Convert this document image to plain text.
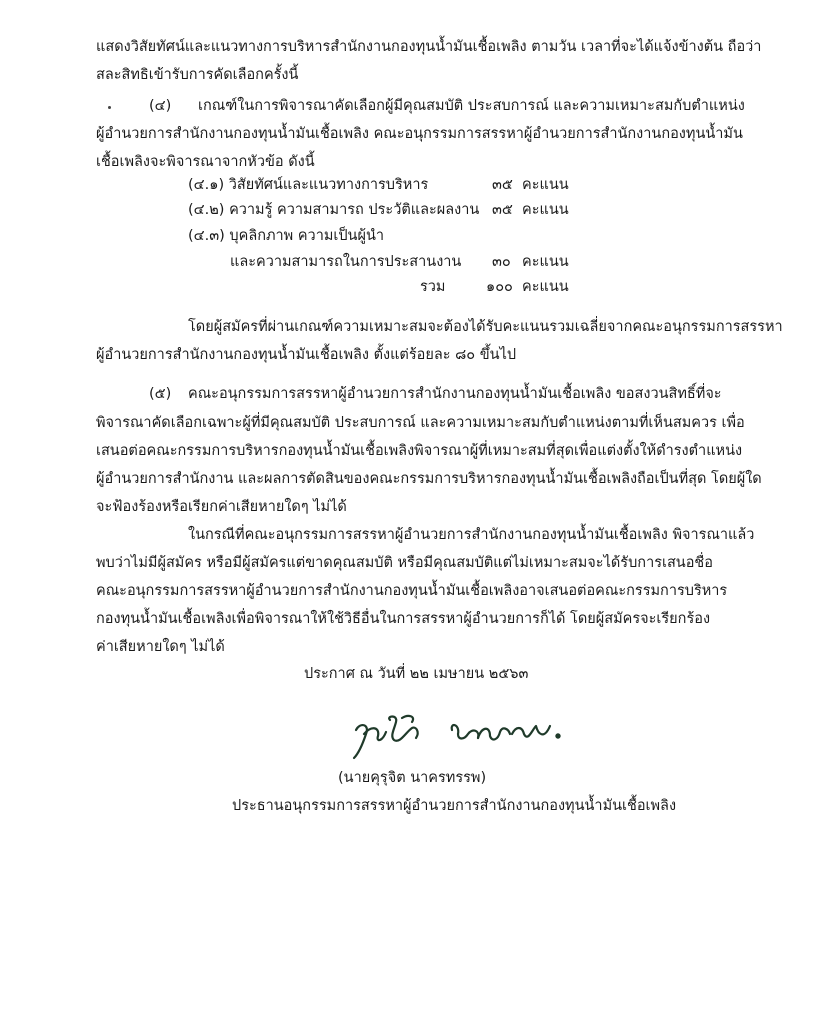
แสดงวิสัยทัศน์และแนวทางการบริหารสำนักงานกองทุนน้ำมันเชื้อเพลิง ตามวัน เวลาที่จะได้แจ้งข้างต้น ถือว่า
สละสิทธิเข้ารับการคัดเลือกครั้งนี้
(๔) เกณฑ์ในการพิจารณาคัดเลือกผู้มีคุณสมบัติ ประสบการณ์ และความเหมาะสมกับตำแหน่ง
ผู้อำนวยการสำนักงานกองทุนน้ำมันเชื้อเพลิง คณะอนุกรรมการสรรหาผู้อำนวยการสำนักงานกองทุนน้ำมัน
เชื้อเพลิงจะพิจารณาจากหัวข้อ ดังนี้
(๔.๑) วิสัยทัศน์และแนวทางการบริหาร	๓๕ คะแนน
(๔.๒) ความรู้ ความสามารถ ประวัติและผลงาน ๓๕ คะแนน
(๔.๓) บุคลิกภาพ ความเป็นผู้นำ
และความสามารถในการประสานงาน ๓๐ คะแนน
รวม	๑๐๐ คะแนน
โดยผู้สมัครที่ผ่านเกณฑ์ความเหมาะสมจะต้องได้รับคะแนนรวมเฉลี่ยจากคณะอนุกรรมการสรรหา
ผู้อำนวยการสำนักงานกองทุนน้ำมันเชื้อเพลิง ตั้งแต่ร้อยละ ๘๐ ขึ้นไป
(๕) คณะอนุกรรมการสรรหาผู้อำนวยการสำนักงานกองทุนน้ำมันเชื้อเพลิง ขอสงวนสิทธิ์ที่จะ
พิจารณาคัดเลือกเฉพาะผู้ที่มีคุณสมบัติ ประสบการณ์ และความเหมาะสมกับตำแหน่งตามที่เห็นสมควร เพื่อ
เสนอต่อคณะกรรมการบริหารกองทุนน้ำมันเชื้อเพลิงพิจารณาผู้ที่เหมาะสมที่สุดเพื่อแต่งตั้งให้ดำรงตำแหน่ง
ผู้อำนวยการสำนักงาน และผลการตัดสินของคณะกรรมการบริหารกองทุนน้ำมันเชื้อเพลิงถือเป็นที่สุด โดยผู้ใด
จะฟ้องร้องหรือเรียกค่าเสียหายใดๆ ไม่ได้
ในกรณีที่คณะอนุกรรมการสรรหาผู้อำนวยการสำนักงานกองทุนน้ำมันเชื้อเพลิง พิจารณาแล้ว
พบว่าไม่มีผู้สมัคร หรือมีผู้สมัครแต่ขาดคุณสมบัติ หรือมีคุณสมบัติแต่ไม่เหมาะสมจะได้รับการเสนอชื่อ
คณะอนุกรรมการสรรหาผู้อำนวยการสำนักงานกองทุนน้ำมันเชื้อเพลิงอาจเสนอต่อคณะกรรมการบริหาร
กองทุนน้ำมันเชื้อเพลิงเพื่อพิจารณาให้ใช้วิธีอื่นในการสรรหาผู้อำนวยการก็ได้ โดยผู้สมัครจะเรียกร้อง
ค่าเสียหายใดๆ ไม่ได้
ประกาศ ณ วันที่ ๒๒ เมษายน ๒๕๖๓
(นายคุรุจิต นาครทรรพ)
ประธานอนุกรรมการสรรหาผู้อำนวยการสำนักงานกองทุนน้ำมันเชื้อเพลิง
